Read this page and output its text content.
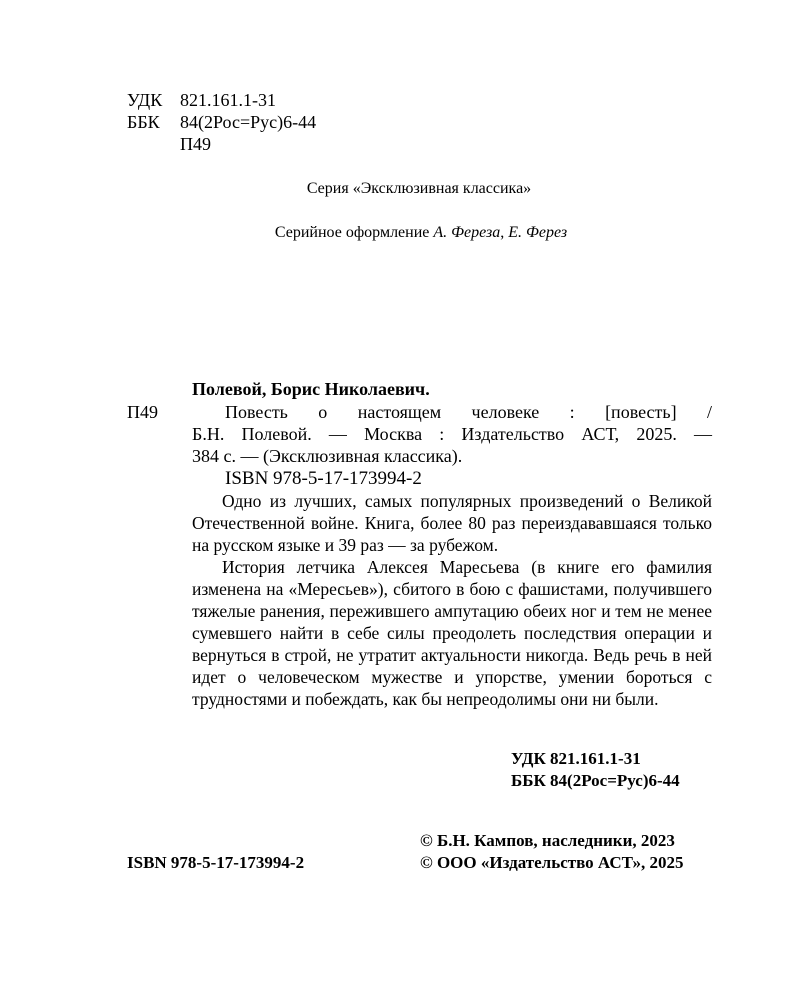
УДК 821.161.1-31
ББК 84(2Рос=Рус)6-44
П49
Серия «Эксклюзивная классика»
Серийное оформление А. Фереза, Е. Ферез
Полевой, Борис Николаевич.
П49	Повесть о настоящем человеке : [повесть] /
Б.Н. Полевой. — Москва : Издательство АСТ, 2025. —
384 с. — (Эксклюзивная классика).
ISBN 978-5-17-173994-2

Одно из лучших, самых популярных произведений о Великой Отечественной войне. Книга, более 80 раз переиздававшаяся только на русском языке и 39 раз — за рубежом.

История летчика Алексея Маресьева (в книге его фамилия изменена на «Мересьев»), сбитого в бою с фашистами, получившего тяжелые ранения, пережившего ампутацию обеих ног и тем не менее сумевшего найти в себе силы преодолеть последствия операции и вернуться в строй, не утратит актуальности никогда. Ведь речь в ней идет о человеческом мужестве и упорстве, умении бороться с трудностями и побеждать, как бы непреодолимы они ни были.

УДК 821.161.1-31
ББК 84(2Рос=Рус)6-44
© Б.Н. Кампов, наследники, 2023
ISBN 978-5-17-173994-2	© ООО «Издательство АСТ», 2025
